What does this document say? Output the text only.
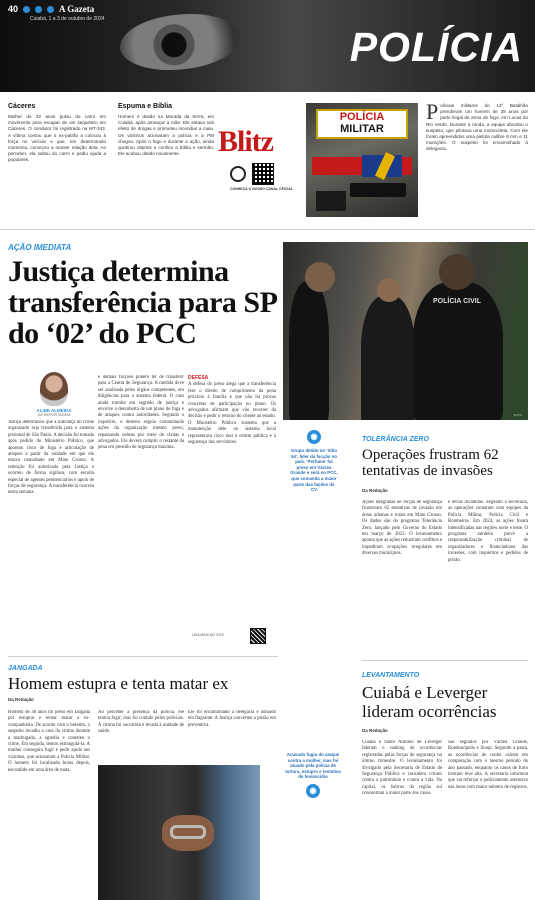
40	A Gazeta
Cuiabá, 1 a 3 de outubro de 2024
POLÍCIA
Cáceres

Mulher de 32 anos pulou do carro em movimento para escapar de um sequestro em Cáceres. O condutor foi registrado na MT-343. A vítima contou que o ex-patrão a colocou à força no veículo e que, em determinado momento, começou a manter relação dela. Ao perceber, ela saltou do carro e pediu ajuda a populares.

Espuma e Bíblia

Homem é detido na Morada da Serra, em Cuiabá, após ameaçar a mãe. Ele estava sob efeito de drogas e prometeu incendiar a casa. Os vizinhos acionaram a polícia e a PM chegou. Após o fogo e durante a ação, ainda quebrou objetos e confiou a bíblia e sermão. Ele acabou detido novamente.	Blitz
CONHEÇA O NOSSO CANAL OFICIAL
POLÍCIA
MILITAR

Policiais militares do 12º Batalhão prenderam um homem de 28 anos por porte ilegal de arma de fogo, em Lucas do Rio Verde. Durante a ronda, a equipe abordou o suspeito, que pilotava uma motocicleta. Com ele foram apreendidos uma pistola calibre 9 mm e 11 munições. O suspeito foi encaminhado à delegacia.

AÇÃO IMEDIATA
Justiça determina transferência para SP do ‘02’ do PCC
ALINE ALMEIDA
DA REPORTAGEM
Justiça determinou que a liderança do crime organizado seja transferida para o sistema prisional de São Paulo. A decisão foi tomada após pedido do Ministério Público, que apontou risco de fuga e articulação de ataques a partir da unidade em que ele estava custodiado em Mato Grosso. A remoção foi autorizada pela Justiça e ocorreu de forma sigilosa, com escolta especial de agentes penitenciários e apoio de forças de segurança. A transferência ocorreu nesta semana.
e demais facções podem ter de transferir para a Centra de Segurança. A medida deve ser analisada pelos órgãos competentes, em diligências para o sistema federal. O caso ainda tramita em segredo de justiça e envolve a descoberta de um plano de fuga e de ataques contra autoridades. Segundo o inquérito, o detento seguia comandando ações da organização mesmo preso, repassando ordens por meio de visitas e advogados. Ele deverá cumprir o restante da pena em presídio de segurança máxima.
DEFESA
A defesa do preso alega que a transferência fere o direito de cumprimento da pena próximo à família e que não há provas concretas de participação no plano. Os advogados afirmam que vão recorrer da decisão e pedir o retorno do cliente ao estado. O Ministério Público sustenta que a manutenção dele no sistema local representava risco real à ordem pública e à segurança dos servidores.
LEIA MAIS NO SITE
POLÍCIA CIVIL
FOTO
◉
Grupo detido no ‘Sítio 64’, líder da facção no país. ‘Perfume’ foi preso em Várzea Grande e será no PCC, que comanda a maior parte das fações do CV
TOLERÂNCIA ZERO
Operações frustram 62 tentativas de invasões
Da Redação
Ações integradas de forças de segurança frustraram 62 tentativas de invasão em áreas urbanas e rurais em Mato Grosso. Os dados são do programa Tolerância Zero, lançado pelo Governo do Estado em março de 2023. O levantamento aponta que as ações reduziram conflitos e impediram ocupações irregulares em diversos municípios.
e terras invadidas. Segundo a secretaria, as operações contaram com equipes da Polícia Militar, Polícia Civil e Bombeiros. Em 2024, as ações foram intensificadas nas regiões norte e leste. O programa também prevê a responsabilização criminal de organizadores e financiadores das invasões, com inquéritos e pedidos de prisão.
JANGADA
Homem estupra e tenta matar ex
Da Redação
Homem de 38 anos foi preso em Jangada por estuprar e tentar matar a ex-companheira. De acordo com o boletim, o suspeito invadiu a casa da vítima durante a madrugada, a agrediu e cometeu o crime. Em seguida, tentou estrangulá-la. A mulher conseguiu fugir e pedir ajuda aos vizinhos, que acionaram a Polícia Militar. O homem foi localizado horas depois, escondido em uma área de mata.
Ao perceber a presença da polícia, ele tentou fugir, mas foi contido pelos policiais. A vítima foi socorrida e levada à unidade de saúde.
Ele foi encaminhado à delegacia e autuado em flagrante. A Justiça converteu a prisão em preventiva.
Acusado fugiu do ataque contra a mulher, mas foi atuado pela polícia de tortura, estupro e tentativa de feminicídio
◉
LEVANTAMENTO
Cuiabá e Leverger lideram ocorrências
Da Redação
Cuiabá e Santo Antônio de Leverger lideram o ranking de ocorrências registradas pelas forças de segurança no último trimestre. O levantamento foi divulgado pela Secretaria de Estado de Segurança Pública e considera crimes contra o patrimônio e contra a vida. Na capital, os bairros da região sul concentram a maior parte dos casos.
são seguidos por Várzea Grande, Rondonópolis e Sinop. Segundo a pasta, as ocorrências de roubo caíram em comparação com o mesmo período do ano passado, enquanto os casos de furto tiveram leve alta. A secretaria informou que vai reforçar o policiamento ostensivo nas áreas com maior número de registros.
